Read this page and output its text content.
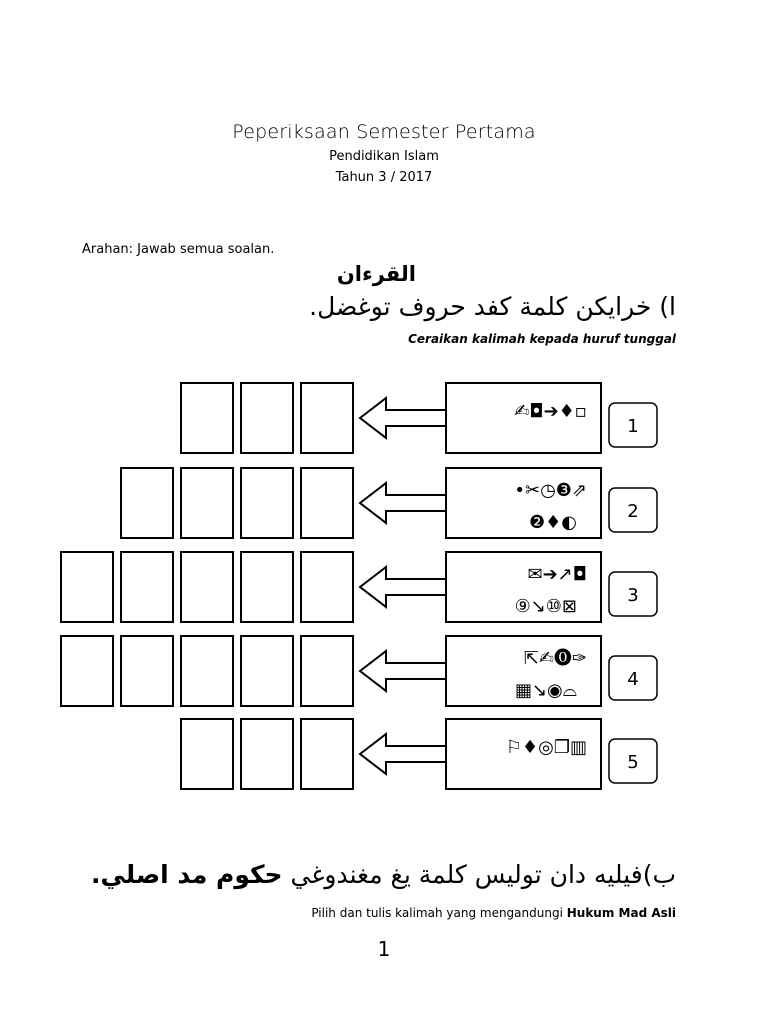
Peperiksaan Semester Pertama
Pendidikan Islam
Tahun 3 / 2017
Arahan: Jawab semua soalan.
القرءان
ا) خرايكن كلمة كفد حروف توغضل.
Ceraikan kalimah kepada huruf tunggal
✍◘➔♦▫
1
•✂◷❸⇗
❷♦◐
2
✉➔↗◘
⑨↘⑩⊠
3
⇱✍⓿✑
▦↘◉⌓
4
⚐♦◎❐▥
5
ب)فيليه دان توليس كلمة يغ مغندوغي حكوم مد اصلي.
Pilih dan tulis kalimah yang mengandungi Hukum Mad Asli
1
